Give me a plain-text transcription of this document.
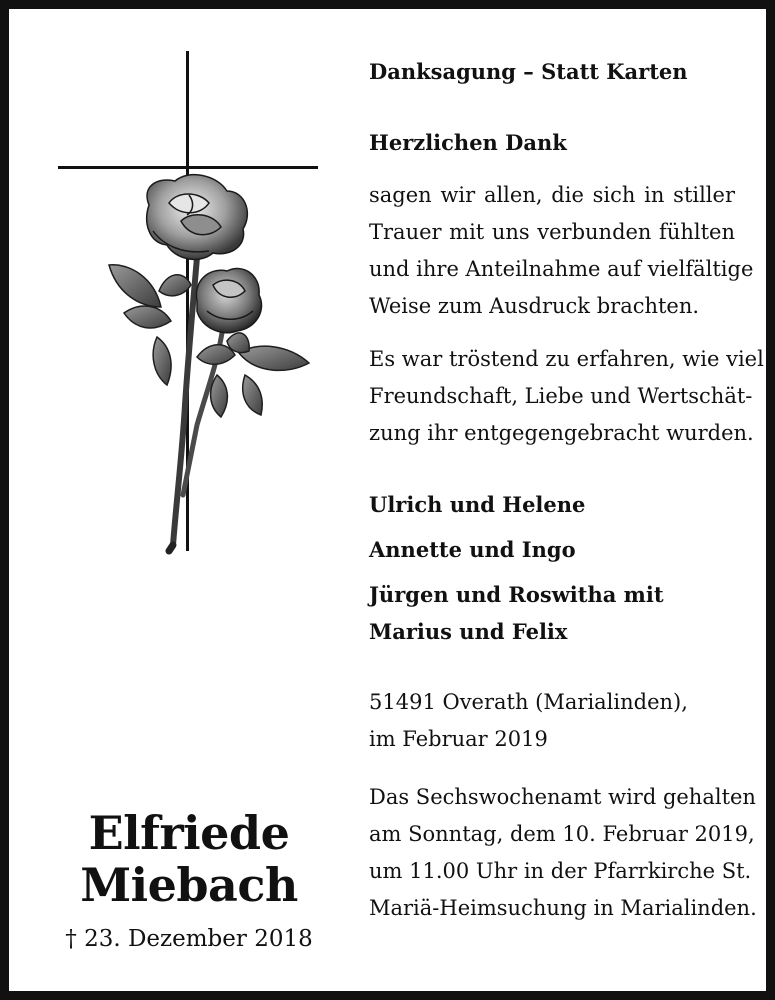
Danksagung – Statt Karten
Herzlichen Dank
sagen wir allen, die sich in stiller
Trauer mit uns verbunden fühlten
und ihre Anteilnahme auf vielfältige
Weise zum Ausdruck brachten.
Es war tröstend zu erfahren, wie viel
Freundschaft, Liebe und Wertschät-
zung ihr entgegengebracht wurden.
Ulrich und Helene
Annette und Ingo
Jürgen und Roswitha mit
Marius und Felix
51491 Overath (Marialinden),
im Februar 2019
Das Sechswochenamt wird gehalten
am Sonntag, dem 10. Februar 2019,
um 11.00 Uhr in der Pfarrkirche St.
Mariä-Heimsuchung in Marialinden.
Elfriede
Miebach
† 23. Dezember 2018
